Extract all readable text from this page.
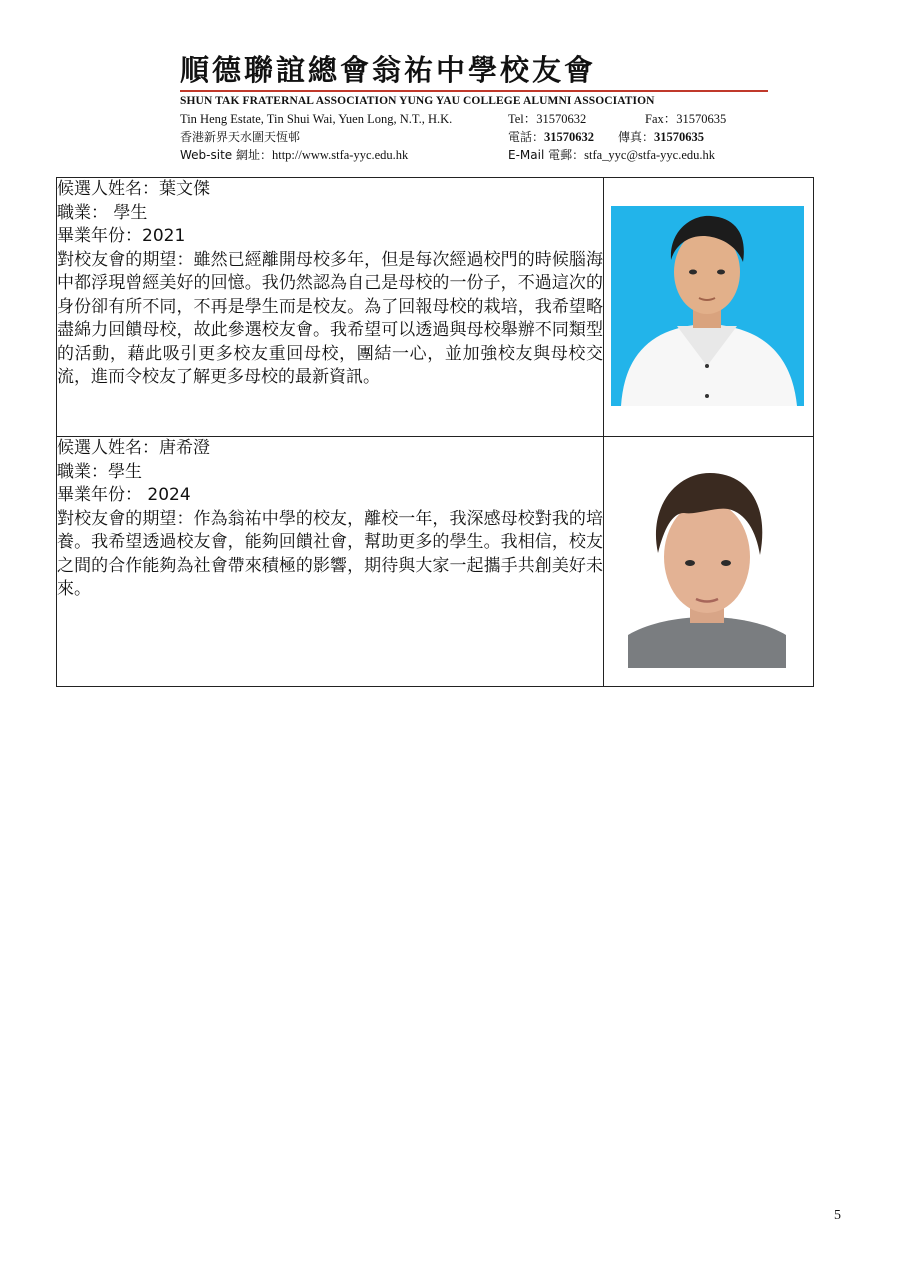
順德聯誼總會翁祐中學校友會
SHUN TAK FRATERNAL ASSOCIATION YUNG YAU COLLEGE ALUMNI ASSOCIATION
Tin Heng Estate, Tin Shui Wai, Yuen Long, N.T., H.K.
香港新界天水圍天恆邨
Web-site 網址：http://www.stfa-yyc.edu.hk
Tel：31570632	Fax：31570635
電話：31570632 傳真：31570635
E-Mail 電郵：stfa_yyc@stfa-yyc.edu.hk
候選人姓名：葉文傑
職業： 學生
畢業年份：2021
對校友會的期望：雖然已經離開母校多年，但是每次經過校門的時候腦海中都浮現曾經美好的回憶。我仍然認為自己是母校的一份子，不過這次的身份卻有所不同，不再是學生而是校友。為了回報母校的栽培，我希望略盡綿力回饋母校，故此參選校友會。我希望可以透過與母校舉辦不同類型的活動，藉此吸引更多校友重回母校，團結一心，並加強校友與母校交流，進而令校友了解更多母校的最新資訊。

候選人姓名：唐希澄
職業：學生
畢業年份： 2024
對校友會的期望：作為翁祐中學的校友，離校一年，我深感母校對我的培養。我希望透過校友會，能夠回饋社會，幫助更多的學生。我相信，校友之間的合作能夠為社會帶來積極的影響，期待與大家一起攜手共創美好未來。

5
